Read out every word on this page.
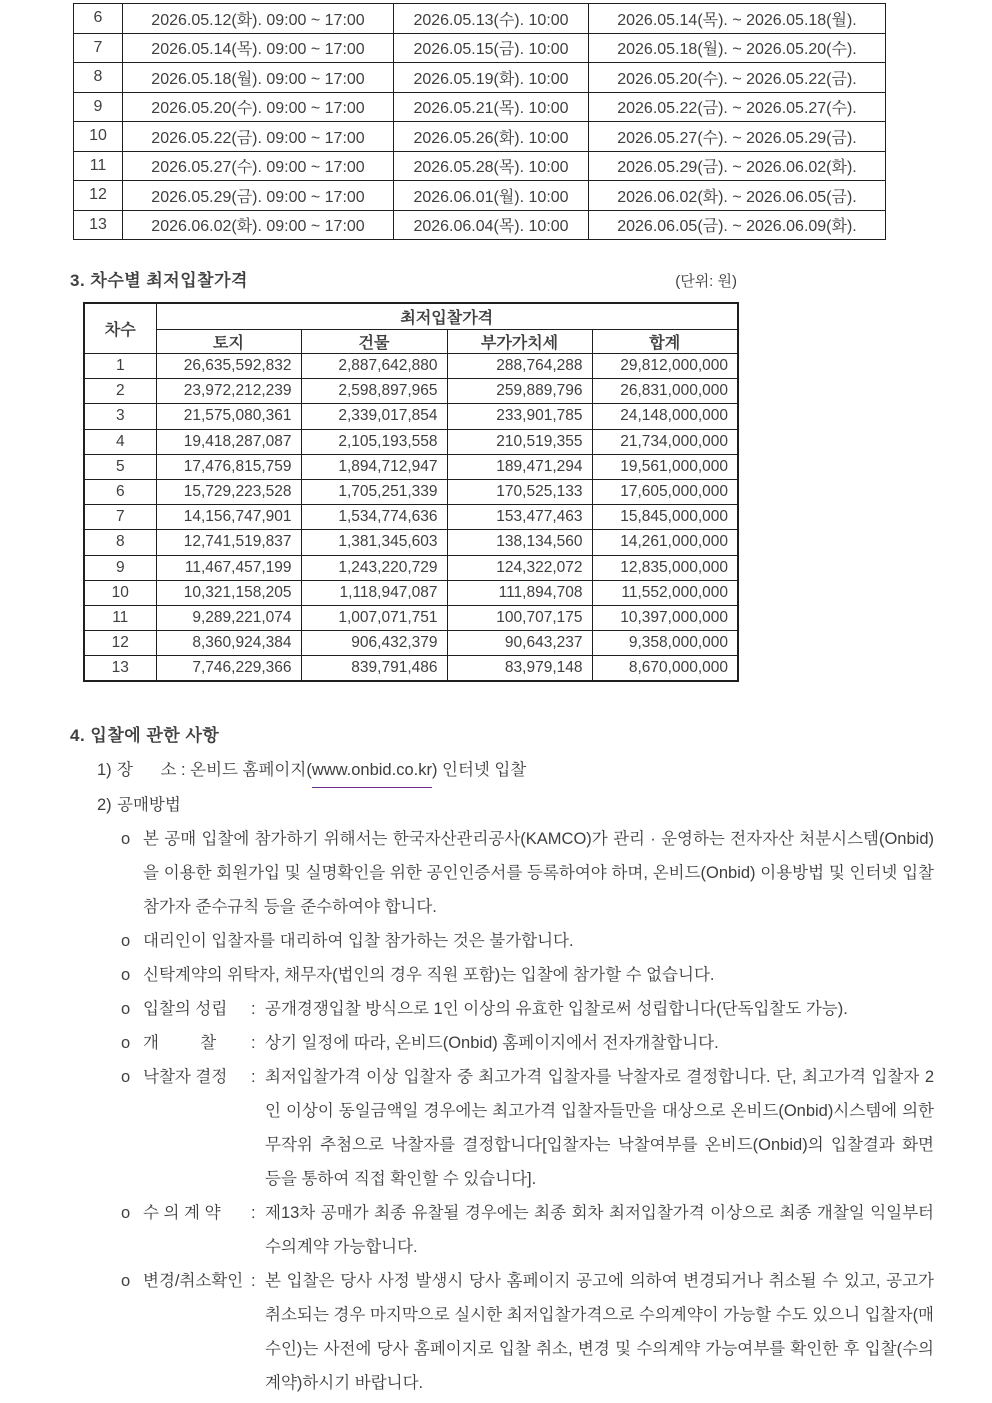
6	2026.05.12(화). 09:00 ~ 17:00	2026.05.13(수). 10:00	2026.05.14(목). ~ 2026.05.18(월).
7	2026.05.14(목). 09:00 ~ 17:00	2026.05.15(금). 10:00	2026.05.18(월). ~ 2026.05.20(수).
8	2026.05.18(월). 09:00 ~ 17:00	2026.05.19(화). 10:00	2026.05.20(수). ~ 2026.05.22(금).
9	2026.05.20(수). 09:00 ~ 17:00	2026.05.21(목). 10:00	2026.05.22(금). ~ 2026.05.27(수).
10	2026.05.22(금). 09:00 ~ 17:00	2026.05.26(화). 10:00	2026.05.27(수). ~ 2026.05.29(금).
11	2026.05.27(수). 09:00 ~ 17:00	2026.05.28(목). 10:00	2026.05.29(금). ~ 2026.06.02(화).
12	2026.05.29(금). 09:00 ~ 17:00	2026.06.01(월). 10:00	2026.06.02(화). ~ 2026.06.05(금).
13	2026.06.02(화). 09:00 ~ 17:00	2026.06.04(목). 10:00	2026.06.05(금). ~ 2026.06.09(화).
3. 차수별 최저입찰가격	(단위: 원)
차수	최저입찰가격			
	토지	건물	부가가치세	합계
1	26,635,592,832	2,887,642,880	288,764,288	29,812,000,000
2	23,972,212,239	2,598,897,965	259,889,796	26,831,000,000
3	21,575,080,361	2,339,017,854	233,901,785	24,148,000,000
4	19,418,287,087	2,105,193,558	210,519,355	21,734,000,000
5	17,476,815,759	1,894,712,947	189,471,294	19,561,000,000
6	15,729,223,528	1,705,251,339	170,525,133	17,605,000,000
7	14,156,747,901	1,534,774,636	153,477,463	15,845,000,000
8	12,741,519,837	1,381,345,603	138,134,560	14,261,000,000
9	11,467,457,199	1,243,220,729	124,322,072	12,835,000,000
10	10,321,158,205	1,118,947,087	111,894,708	11,552,000,000
11	9,289,221,074	1,007,071,751	100,707,175	10,397,000,000
12	8,360,924,384	906,432,379	90,643,237	9,358,000,000
13	7,746,229,366	839,791,486	83,979,148	8,670,000,000
4. 입찰에 관한 사항
1) 장      소 : 온비드 홈페이지( www.onbid.co.kr ) 인터넷 입찰
2) 공매방법
o 본 공매 입찰에 참가하기 위해서는 한국자산관리공사(KAMCO)가 관리 · 운영하는 전자자산 처분시스템(Onbid)을 이용한 회원가입 및 실명확인을 위한 공인인증서를 등록하여야 하며, 온비드(Onbid) 이용방법 및 인터넷 입찰참가자 준수규칙 등을 준수하여야 합니다.
o 대리인이 입찰자를 대리하여 입찰 참가하는 것은 불가합니다.
o 신탁계약의 위탁자, 채무자(법인의 경우 직원 포함)는 입찰에 참가할 수 없습니다.
o 입찰의 성립	: 공개경쟁입찰 방식으로 1인 이상의 유효한 입찰로써 성립합니다(단독입찰도 가능).
o 개         찰	: 상기 일정에 따라, 온비드(Onbid) 홈페이지에서 전자개찰합니다.
o 낙찰자 결정	: 최저입찰가격 이상 입찰자 중 최고가격 입찰자를 낙찰자로 결정합니다. 단, 최고가격 입찰자 2인 이상이 동일금액일 경우에는 최고가격 입찰자들만을 대상으로 온비드(Onbid)시스템에 의한 무작위 추첨으로 낙찰자를 결정합니다[입찰자는 낙찰여부를 온비드(Onbid)의 입찰결과 화면 등을 통하여 직접 확인할 수 있습니다].
o 수 의 계 약	: 제13차 공매가 최종 유찰될 경우에는 최종 회차 최저입찰가격 이상으로 최종 개찰일 익일부터 수의계약 가능합니다.
o 변경/취소확인 : 본 입찰은 당사 사정 발생시 당사 홈페이지 공고에 의하여 변경되거나 취소될 수 있고, 공고가 취소되는 경우 마지막으로 실시한 최저입찰가격으로 수의계약이 가능할 수도 있으니 입찰자(매수인)는 사전에 당사 홈페이지로 입찰 취소, 변경 및 수의계약 가능여부를 확인한 후 입찰(수의계약)하시기 바랍니다.
